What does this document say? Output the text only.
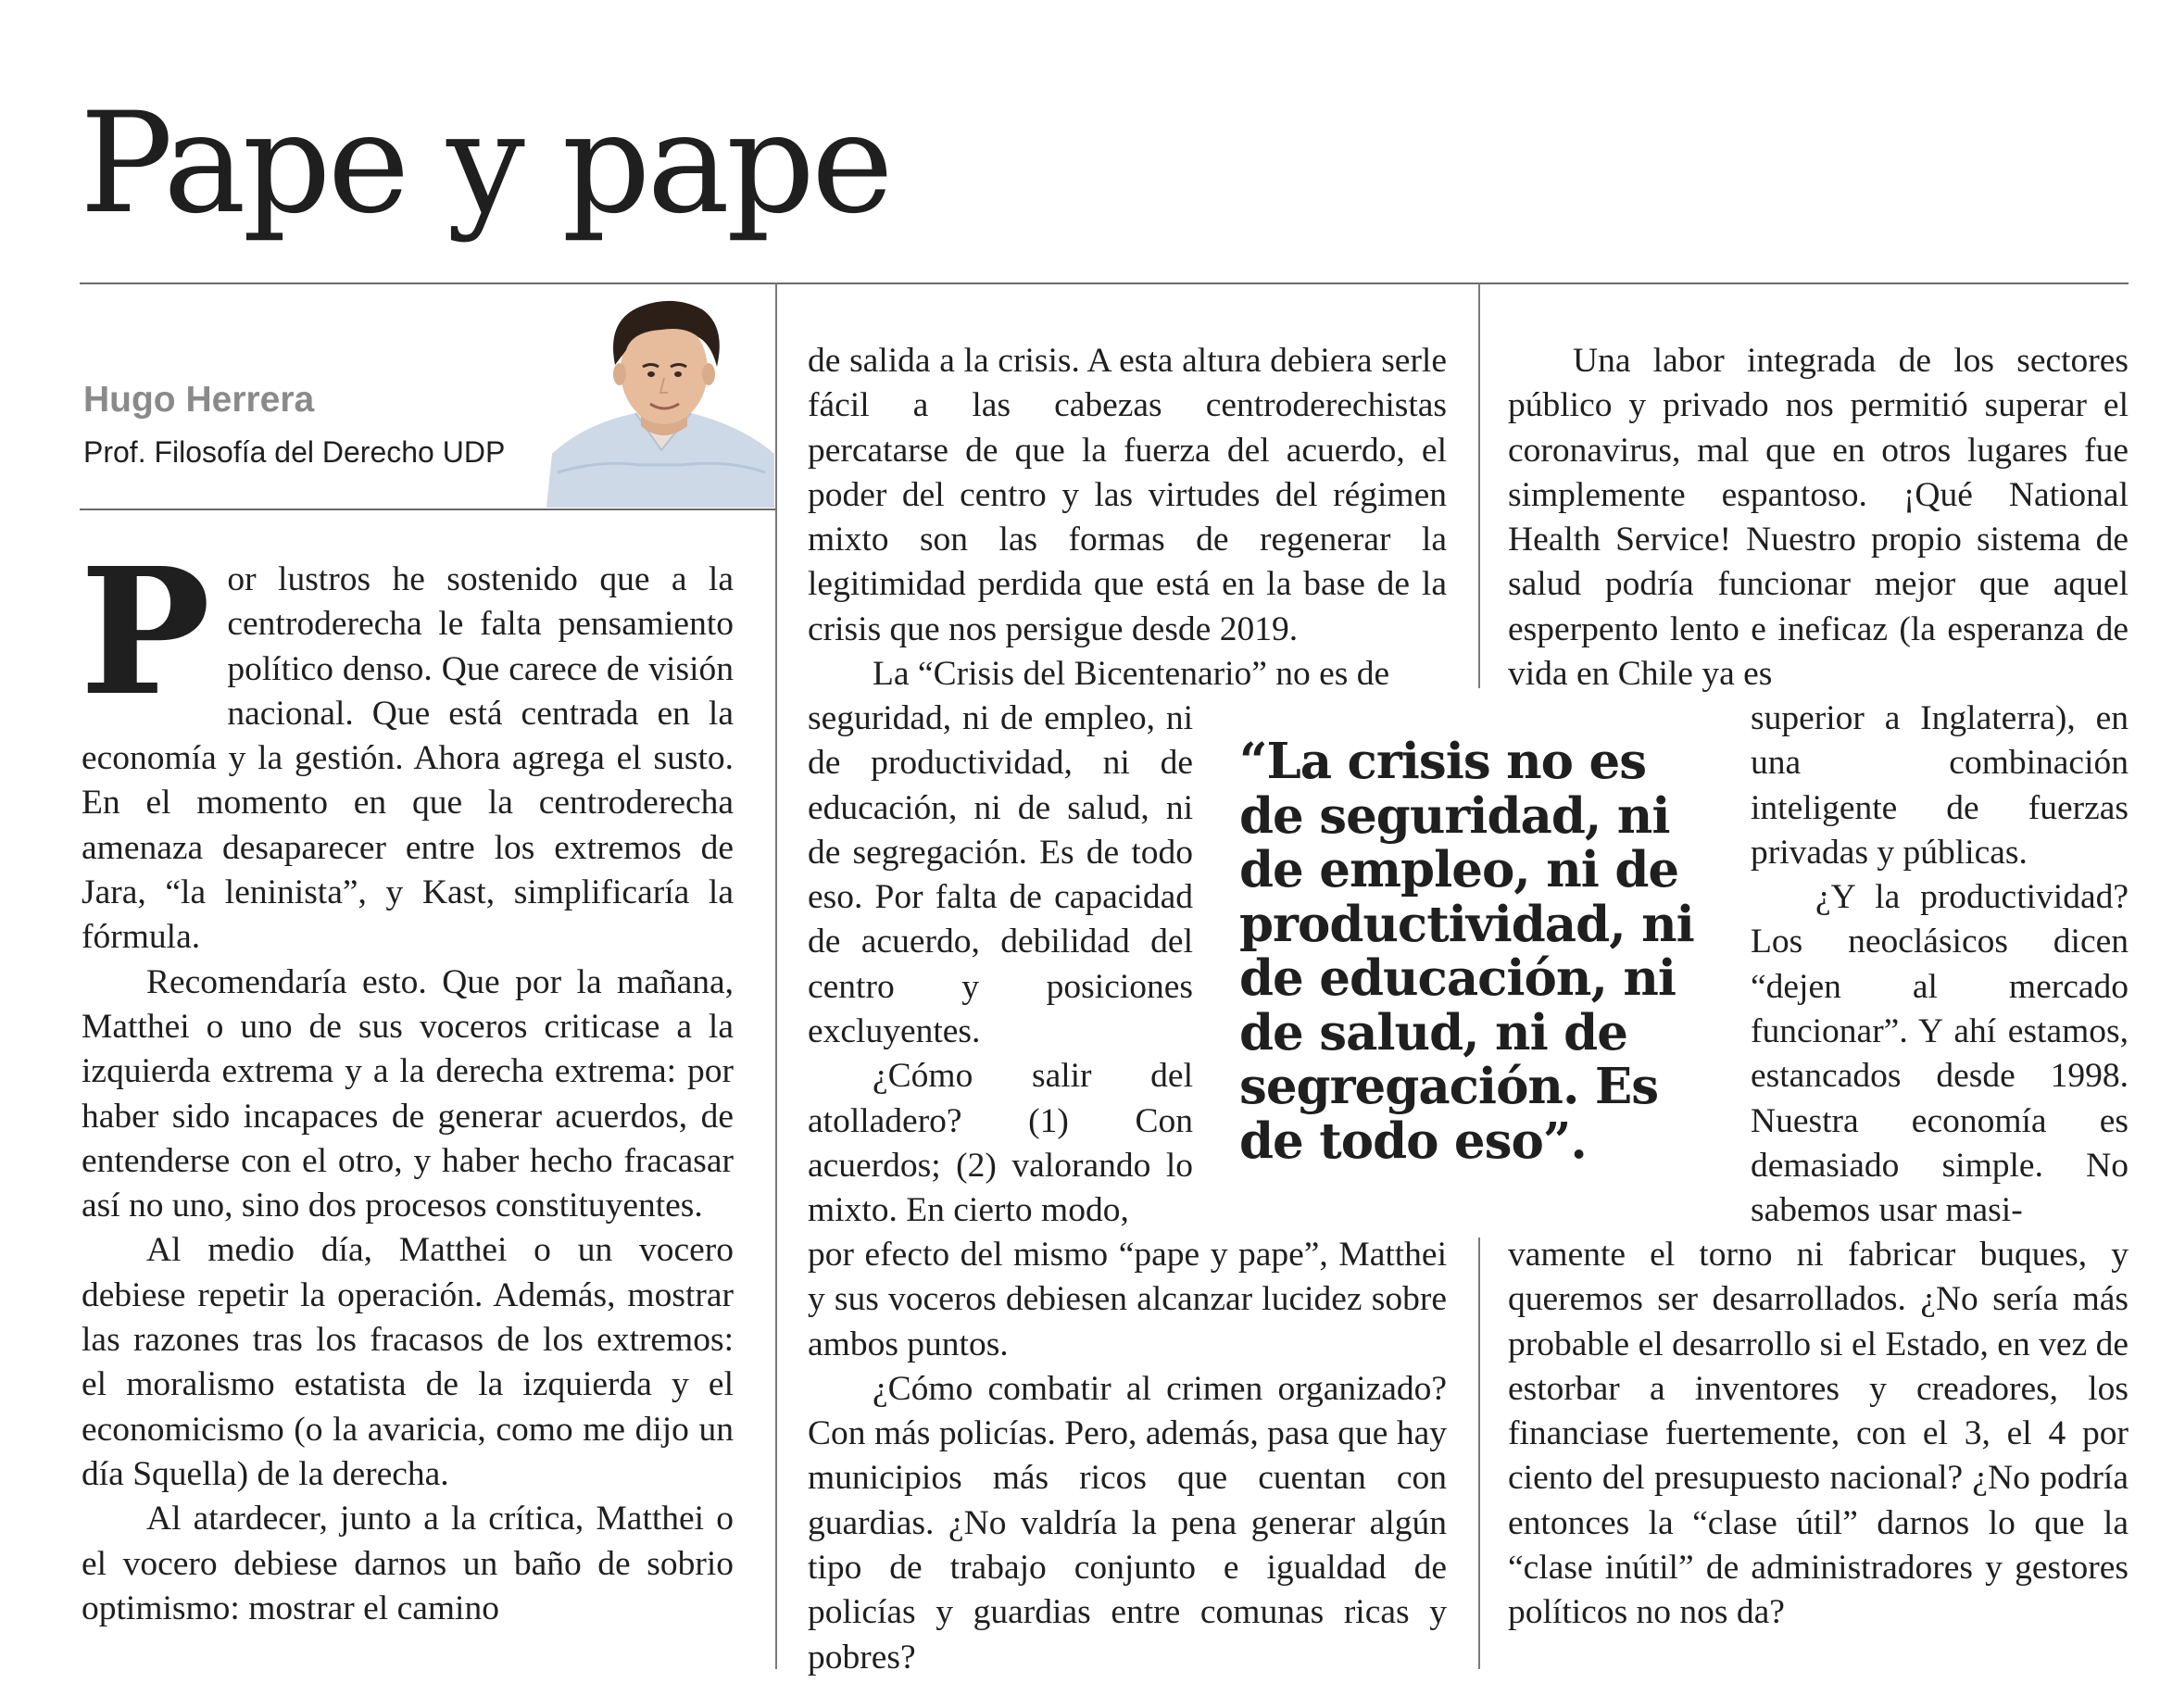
Pape y pape
Hugo Herrera
Prof. Filosofía del Derecho UDP

Por lustros he sostenido que a la centroderecha le falta pensamiento político denso. Que carece de visión nacional. Que está centrada en la economía y la gestión. Ahora agrega el susto. En el momento en que la centroderecha amenaza desaparecer entre los extremos de Jara, “la leninista”, y Kast, simplificaría la fórmula.

Recomendaría esto. Que por la mañana, Matthei o uno de sus voceros criticase a la izquierda extrema y a la derecha extrema: por haber sido incapaces de generar acuerdos, de entenderse con el otro, y haber hecho fracasar así no uno, sino dos procesos constituyentes.

Al medio día, Matthei o un vocero debiese repetir la operación. Además, mostrar las razones tras los fracasos de los extremos: el moralismo estatista de la izquierda y el economicismo (o la avaricia, como me dijo un día Squella) de la derecha.

Al atardecer, junto a la crítica, Matthei o el vocero debiese darnos un baño de sobrio optimismo: mostrar el camino

de salida a la crisis. A esta altura debiera serle fácil a las cabezas centroderechistas percatarse de que la fuerza del acuerdo, el poder del centro y las virtudes del régimen mixto son las formas de regenerar la legitimidad perdida que está en la base de la crisis que nos persigue desde 2019.

La “Crisis del Bicentenario” no es de

seguridad, ni de empleo, ni de productividad, ni de educación, ni de salud, ni de segregación. Es de todo eso. Por falta de capacidad de acuerdo, debilidad del centro y posiciones excluyentes.

¿Cómo salir del atolladero? (1) Con acuerdos; (2) valorando lo mixto. En cierto modo,

por efecto del mismo “pape y pape”, Matthei y sus voceros debiesen alcanzar lucidez sobre ambos puntos.

¿Cómo combatir al crimen organizado? Con más policías. Pero, además, pasa que hay municipios más ricos que cuentan con guardias. ¿No valdría la pena generar algún tipo de trabajo conjunto e igualdad de policías y guardias entre comunas ricas y pobres?

“La crisis no es de seguridad, ni de empleo, ni de productividad, ni de educación, ni de salud, ni de segregación. Es de todo eso”.

Una labor integrada de los sectores público y privado nos permitió superar el coronavirus, mal que en otros lugares fue simplemente espantoso. ¡Qué National Health Service! Nuestro propio sistema de salud podría funcionar mejor que aquel esperpento lento e ineficaz (la esperanza de vida en Chile ya es

superior a Inglaterra), en una combinación inteligente de fuerzas privadas y públicas.

¿Y la productividad? Los neoclásicos dicen “dejen al mercado funcionar”. Y ahí estamos, estancados desde 1998. Nuestra economía es demasiado simple. No sabemos usar masi-

vamente el torno ni fabricar buques, y queremos ser desarrollados. ¿No sería más probable el desarrollo si el Estado, en vez de estorbar a inventores y creadores, los financiase fuertemente, con el 3, el 4 por ciento del presupuesto nacional? ¿No podría entonces la “clase útil” darnos lo que la “clase inútil” de administradores y gestores políticos no nos da?
